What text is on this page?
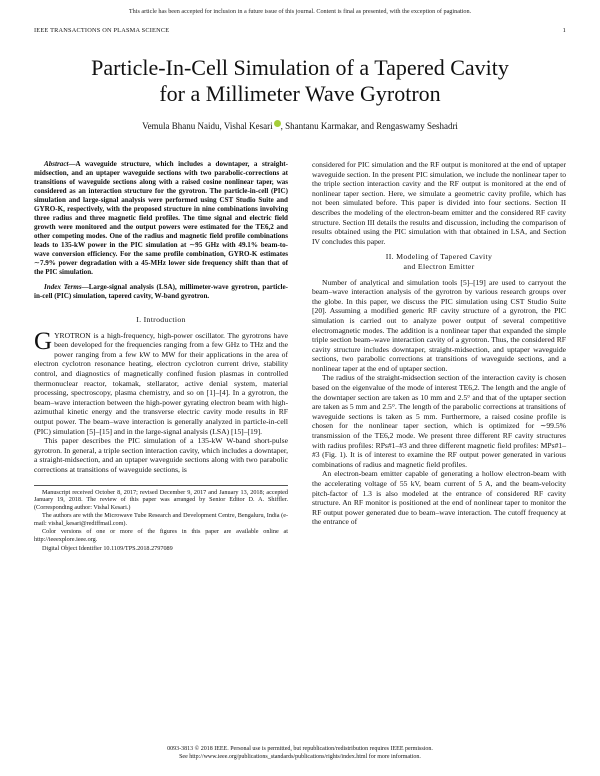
This article has been accepted for inclusion in a future issue of this journal. Content is final as presented, with the exception of pagination.
IEEE TRANSACTIONS ON PLASMA SCIENCE	1
Particle-In-Cell Simulation of a Tapered Cavity
for a Millimeter Wave Gyrotron
Vemula Bhanu Naidu, Vishal Kesari , Shantanu Karmakar, and Rengaswamy Seshadri

Abstract—A waveguide structure, which includes a downtaper, a straight-midsection, and an uptaper waveguide sections with two parabolic-corrections at transitions of waveguide sections along with a raised cosine nonlinear taper, was considered as an interaction structure for the gyrotron. The particle-in-cell (PIC) simulation and large-signal analysis were performed using CST Studio Suite and GYRO-K, respectively, with the proposed structure in nine combinations involving three radius and three magnetic field profiles. The time signal and electric field growth were monitored and the output powers were estimated for the TE6,2 and other competing modes. One of the radius and magnetic field profile combinations leads to 135-kW power in the PIC simulation at ∼95 GHz with 49.1% beam-to-wave conversion efficiency. For the same profile combination, GYRO-K estimates ∼7.9% power degradation with a 45-MHz lower side frequency shift than that of the PIC simulation.

Index Terms—Large-signal analysis (LSA), millimeter-wave gyrotron, particle-in-cell (PIC) simulation, tapered cavity, W-band gyrotron.

I. Introduction

GYROTRON is a high-frequency, high-power oscillator. The gyrotrons have been developed for the frequencies ranging from a few GHz to THz and the power ranging from a few kW to MW for their applications in the area of electron cyclotron resonance heating, electron cyclotron current drive, stability control, and diagnostics of magnetically confined fusion plasmas in controlled thermonuclear reactor, tokamak, stellarator, active denial system, material processing, spectroscopy, plasma chemistry, and so on [1]–[4]. In a gyrotron, the beam–wave interaction between the high-power gyrating electron beam with high-azimuthal kinetic energy and the transverse electric cavity mode results in RF output power. The beam–wave interaction is generally analyzed in particle-in-cell (PIC) simulation [5]–[15] and in the large-signal analysis (LSA) [15]–[19].

This paper describes the PIC simulation of a 135-kW W-band short-pulse gyrotron. In general, a triple section interaction cavity, which includes a downtaper, a straight-midsection, and an uptaper waveguide sections along with two parabolic corrections at transitions of waveguide sections, is

Manuscript received October 8, 2017; revised December 9, 2017 and January 13, 2018; accepted January 19, 2018. The review of this paper was arranged by Senior Editor D. A. Shiffler. (Corresponding author: Vishal Kesari.)

The authors are with the Microwave Tube Research and Development Centre, Bengaluru, India (e-mail: vishal_kesari@rediffmail.com).

Color versions of one or more of the figures in this paper are available online at http://ieeexplore.ieee.org.

Digital Object Identifier 10.1109/TPS.2018.2797089

considered for PIC simulation and the RF output is monitored at the end of uptaper waveguide section. In the present PIC simulation, we include the nonlinear taper to the triple section interaction cavity and the RF output is monitored at the end of nonlinear taper section. Here, we simulate a geometric cavity profile, which has not been simulated before. This paper is divided into four sections. Section II describes the modeling of the electron-beam emitter and the considered RF cavity structure. Section III details the results and discussion, including the comparison of results obtained using the PIC simulation with that obtained in LSA, and Section IV concludes this paper.

II. Modeling of Tapered Cavity
and Electron Emitter

Number of analytical and simulation tools [5]–[19] are used to carryout the beam–wave interaction analysis of the gyrotron by various research groups over the globe. In this paper, we discuss the PIC simulation using CST Studio Suite [20]. Assuming a modified generic RF cavity structure of a gyrotron, the PIC simulation is carried out to analyze power output of several competitive electromagnetic modes. The addition is a nonlinear taper that expanded the simple triple section beam–wave interaction cavity of a gyrotron. Thus, the considered RF cavity structure includes downtaper, straight-midsection, and uptaper waveguide sections, two parabolic corrections at transitions of waveguide sections, and a nonlinear taper at the end of uptaper section.

The radius of the straight-midsection section of the interaction cavity is chosen based on the eigenvalue of the mode of interest TE6,2. The length and the angle of the downtaper section are taken as 10 mm and 2.5° and that of the uptaper section are taken as 5 mm and 2.5°. The length of the parabolic corrections at transitions of waveguide sections is taken as 5 mm. Furthermore, a raised cosine profile is chosen for the nonlinear taper section, which is optimized for ∼99.5% transmission of the TE6,2 mode. We present three different RF cavity structures with radius profiles: RPs#1–#3 and three different magnetic field profiles: MPs#1–#3 (Fig. 1). It is of interest to examine the RF output power generated in various combinations of radius and magnetic field profiles.

An electron-beam emitter capable of generating a hollow electron-beam with the accelerating voltage of 55 kV, beam current of 5 A, and the beam-velocity pitch-factor of 1.3 is also modeled at the entrance of considered RF cavity structure. An RF monitor is positioned at the end of nonlinear taper to monitor the RF output power generated due to beam–wave interaction. The cutoff frequency at the entrance of

0093-3813 © 2018 IEEE. Personal use is permitted, but republication/redistribution requires IEEE permission.
See http://www.ieee.org/publications_standards/publications/rights/index.html for more information.
